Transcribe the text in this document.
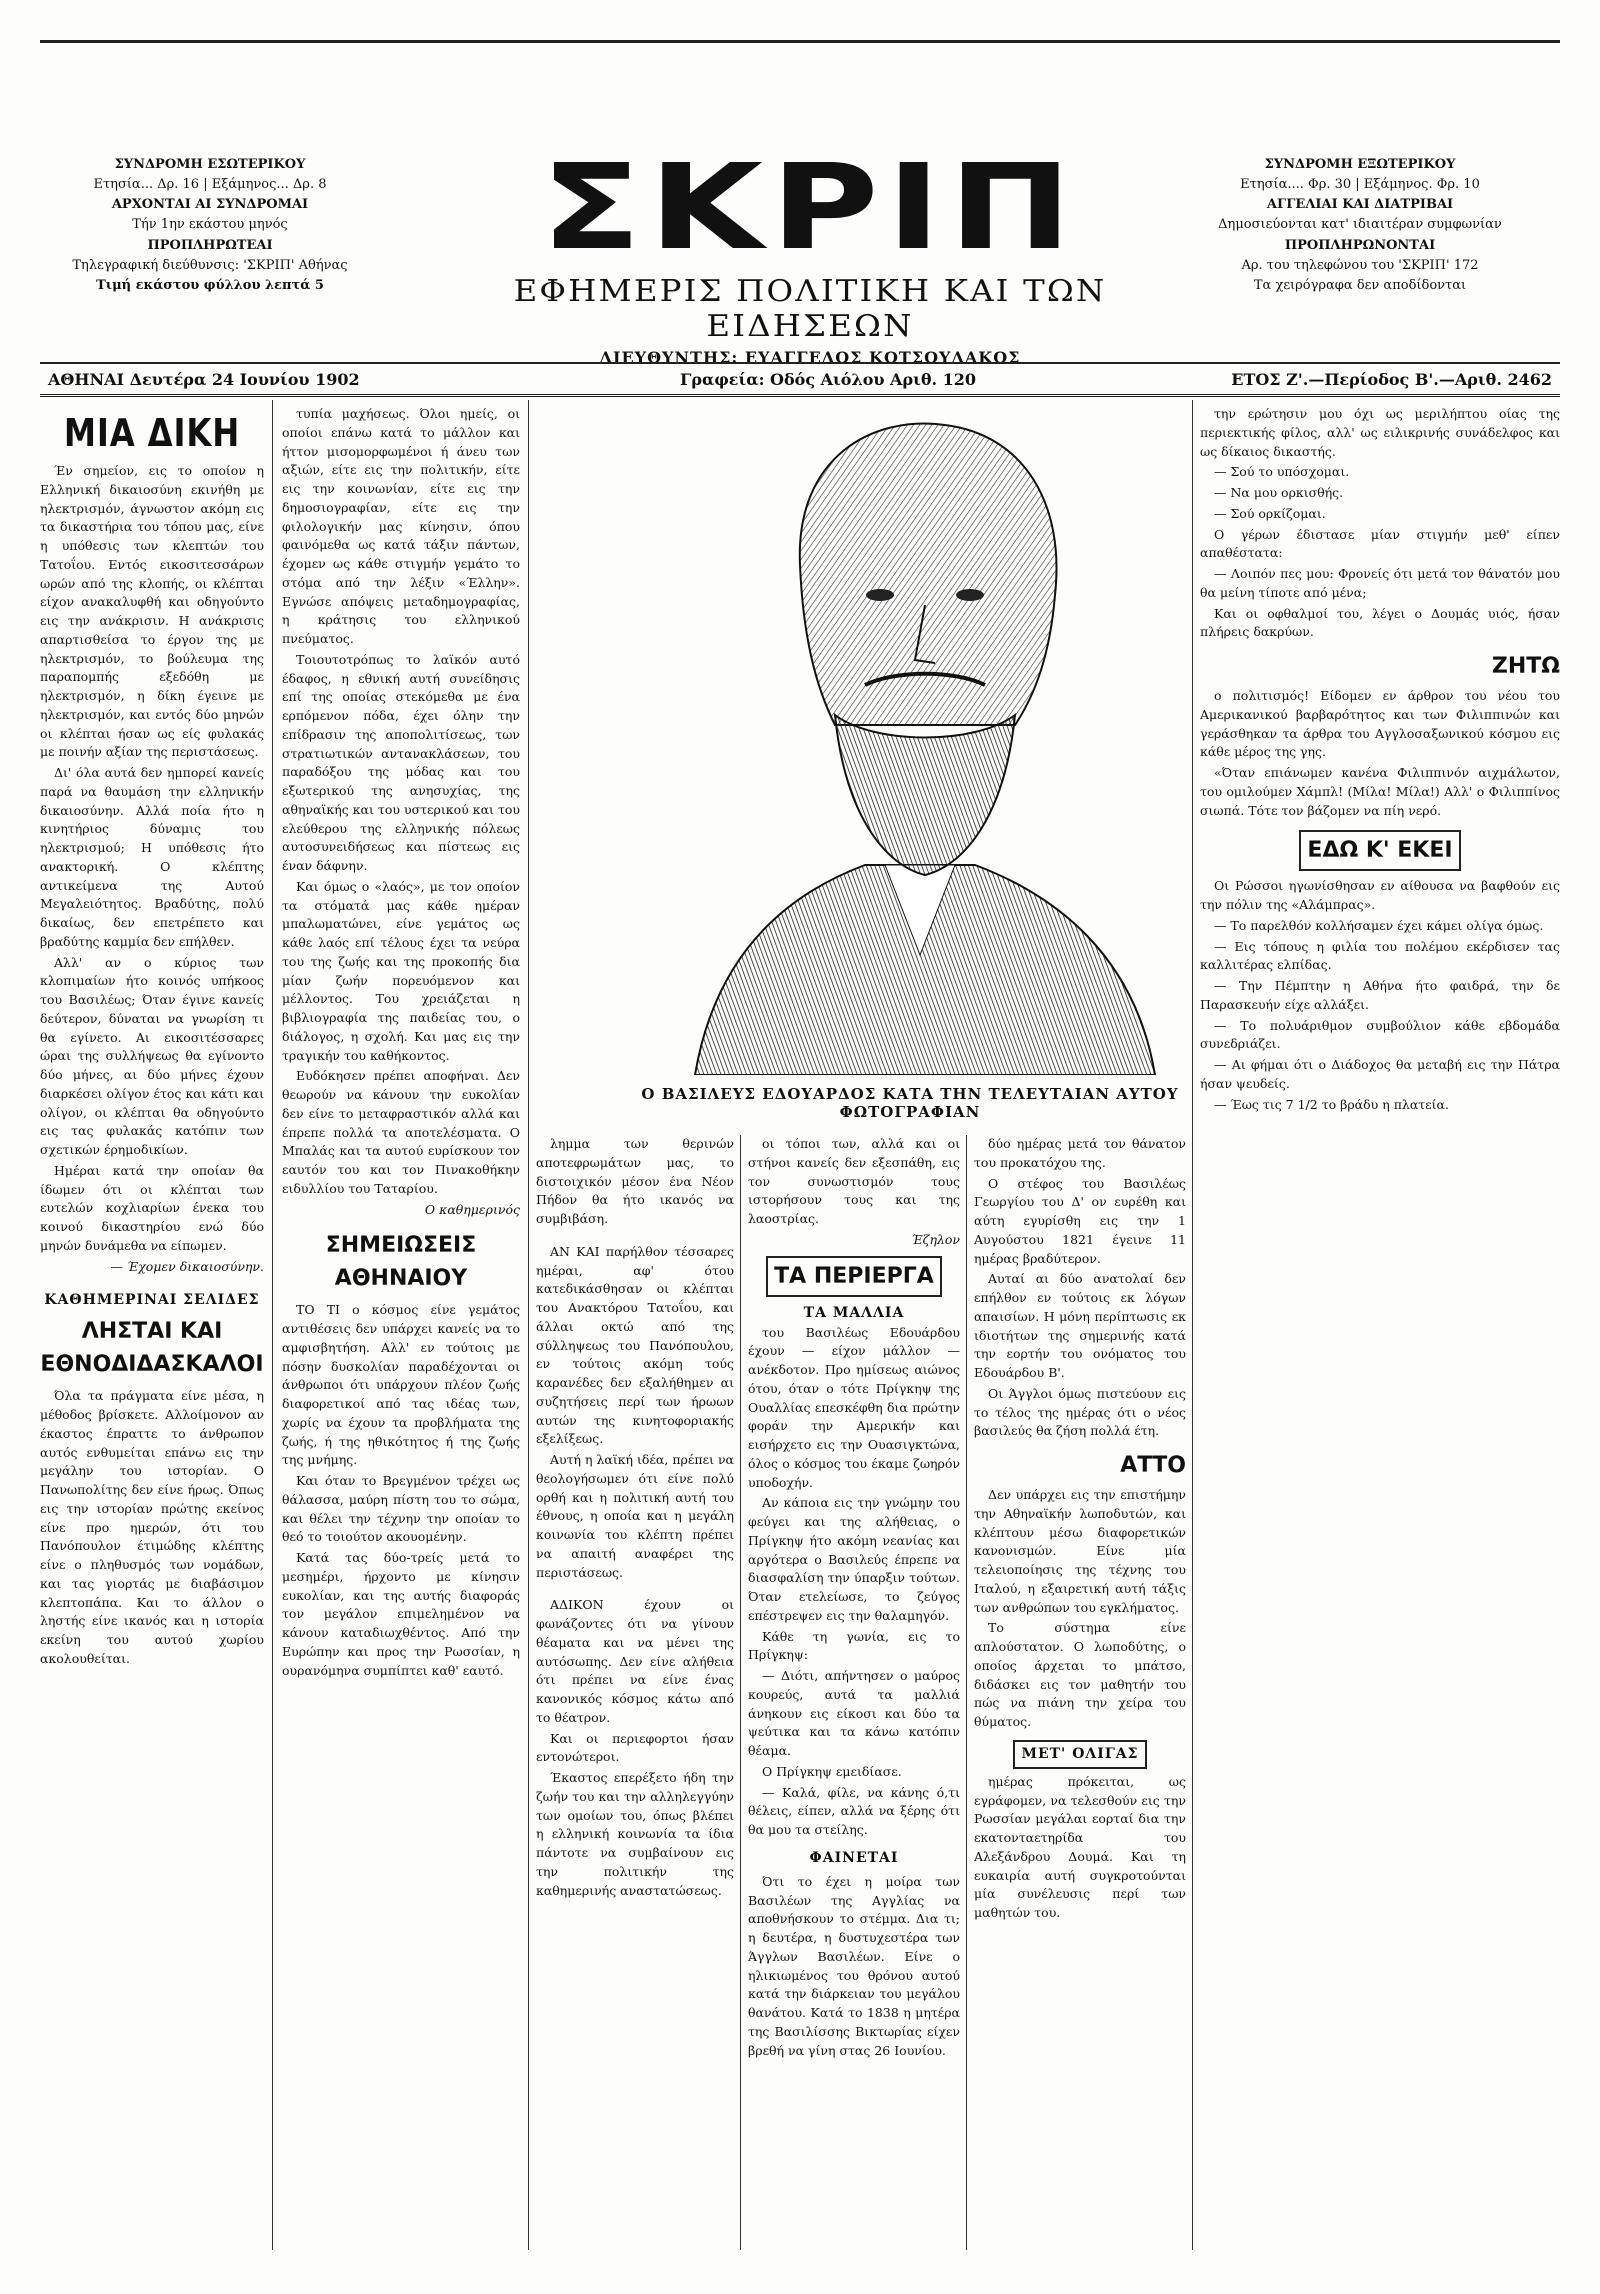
ΣΥΝΔΡΟΜΗ ΕΣΩΤΕΡΙΚΟΥ
Ετησία... Δρ. 16 | Εξάμηνος... Δρ. 8
ΑΡΧΟΝΤΑΙ ΑΙ ΣΥΝΔΡΟΜΑΙ
Τήν 1ην εκάστου μηνός
ΠΡΟΠΛΗΡΩΤΕΑΙ
Τηλεγραφική διεύθυνσις: 'ΣΚΡΙΠ' Αθήνας
Τιμή εκάστου φύλλου λεπτά 5
ΣΚΡΙΠ
ΕΦΗΜΕΡΙΣ ΠΟΛΙΤΙΚΗ ΚΑΙ ΤΩΝ ΕΙΔΗΣΕΩΝ
ΔΙΕΥΘΥΝΤΗΣ: ΕΥΑΓΓΕΛΟΣ ΚΟΤΣΟΥΔΑΚΟΣ
ΣΥΝΔΡΟΜΗ ΕΞΩΤΕΡΙΚΟΥ
Ετησία.... Φρ. 30 | Εξάμηνος. Φρ. 10
ΑΓΓΕΛΙΑΙ ΚΑΙ ΔΙΑΤΡΙΒΑΙ
Δημοσιεύονται κατ' ιδιαιτέραν συμφωνίαν
ΠΡΟΠΛΗΡΩΝΟΝΤΑΙ
Αρ. του τηλεφώνου του 'ΣΚΡΙΠ' 172
Τα χειρόγραφα δεν αποδίδονται
ΑΘΗΝΑΙ Δευτέρα 24 Ιουνίου 1902	Γραφεία: Οδός Αιόλου Αριθ. 120	ΕΤΟΣ Ζ'.—Περίοδος Β'.—Αριθ. 2462
ΜΙΑ ΔΙΚΗ

Έν σημείον, εις το οποίον η Ελληνική δικαιοσύνη εκινήθη με ηλεκτρισμόν, άγνωστον ακόμη εις τα δικαστήρια του τόπου μας, είνε η υπόθεσις των κλεπτών του Τατοΐου. Εντός εικοσιτεσσάρων ωρών από της κλοπής, οι κλέπται είχον ανακαλυφθή και οδηγούντο εις την ανάκρισιν. Η ανάκρισις απαρτισθείσα το έργον της με ηλεκτρισμόν, το βούλευμα της παραπομπής εξεδόθη με ηλεκτρισμόν, η δίκη έγεινε με ηλεκτρισμόν, και εντός δύο μηνών οι κλέπται ήσαν ως είς φυλακάς με ποινήν αξίαν της περιστάσεως.

Δι' όλα αυτά δεν ημπορεί κανείς παρά να θαυμάση την ελληνικήν δικαιοσύνην. Αλλά ποία ήτο η κινητήριος δύναμις του ηλεκτρισμού; Η υπόθεσις ήτο ανακτορική. Ο κλέπτης αντικείμενα της Αυτού Μεγαλειότητος. Βραδύτης, πολύ δικαίως, δεν επετρέπετο και βραδύτης καμμία δεν επήλθεν.

Αλλ' αν ο κύριος των κλοπιμαίων ήτο κοινός υπήκοος του Βασιλέως; Όταν έγινε κανείς δεύτερον, δύναται να γνωρίση τι θα εγίνετο. Αι εικοσιτέσσαρες ώραι της συλλήψεως θα εγίνοντο δύο μήνες, αι δύο μήνες έχουν διαρκέσει ολίγον έτος και κάτι και ολίγον, οι κλέπται θα οδηγούντο εις τας φυλακάς κατόπιν των σχετικών έρημοδικίων.

Ημέραι κατά την οποίαν θα ίδωμεν ότι οι κλέπται των ευτελών κοχλιαρίων ένεκα του κοινού δικαστηρίου ενώ δύο μηνών δυνάμεθα να είπωμεν.

— Έχομεν δικαιοσύνην.
ΚΑΘΗΜΕΡΙΝΑΙ ΣΕΛΙΔΕΣ
ΛΗΣΤΑΙ ΚΑΙ ΕΘΝΟΔΙΔΑΣΚΑΛΟΙ

Όλα τα πράγματα είνε μέσα, η μέθοδος βρίσκετε. Αλλοίμονον αν έκαστος έπραττε το άνθρωπον αυτός ενθυμείται επάνω εις την μεγάλην του ιστορίαν. Ο Πανωπολίτης δεν είνε ήρως. Όπως εις την ιστορίαν πρώτης εκείνος είνε προ ημερών, ότι του Πανόπουλον έτιμώδης κλέπτης είνε ο πληθυσμός των νομάδων, και τας γιορτάς με διαβάσιμον κλεπτοπάπα. Και το άλλον ο ληστής είνε ικανός και η ιστορία εκείνη του αυτού χωρίου ακολουθείται.

τυπία μαχήσεως. Όλοι ημείς, οι οποίοι επάνω κατά το μάλλον και ήττον μισομορφωμένοι ή άνευ των αξιών, είτε εις την πολιτικήν, είτε εις την κοινωνίαν, είτε εις την δημοσιογραφίαν, είτε εις την φιλολογικήν μας κίνησιν, όπου φαινόμεθα ως κατά τάξιν πάντων, έχομεν ως κάθε στιγμήν γεμάτο το στόμα από την λέξιν «Έλλην». Εγνώσε απόψεις μεταδημογραφίας, η κράτησις του ελληνικού πνεύματος.

Τοιουτοτρόπως το λαϊκόν αυτό έδαφος, η εθνική αυτή συνείδησις επί της οποίας στεκόμεθα με ένα ερπόμενον πόδα, έχει όλην την επίδρασιν της αποπολιτίσεως, των στρατιωτικών αντανακλάσεων, του παραδόξου της μόδας και του εξωτερικού της ανησυχίας, της αθηναϊκής και του υστερικού και του ελεύθερου της ελληνικής πόλεως αυτοσυνειδήσεως και πίστεως εις έναν δάφνην.

Και όμως ο «λαός», με τον οποίον τα στόματά μας κάθε ημέραν μπαλωματώνει, είνε γεμάτος ως κάθε λαός επί τέλους έχει τα νεύρα του της ζωής και της προκοπής δια μίαν ζωήν πορευόμενον και μέλλοντος. Του χρειάζεται η βιβλιογραφία της παιδείας του, ο διάλογος, η σχολή. Και μας εις την τραγικήν του καθήκοντος.

Ευδόκησεν πρέπει αποφήναι. Δεν θεωρούν να κάνουν την ευκολίαν δεν είνε το μεταφραστικόν αλλά και έπρεπε πολλά τα αποτελέσματα. Ο Μπαλάς και τα αυτού ευρίσκουν τον εαυτόν του και τον Πινακοθήκην ειδυλλίου του Ταταρίου.

Ο καθημερινός
ΣΗΜΕΙΩΣΕΙΣ ΑΘΗΝΑΙΟΥ

ΤΟ ΤΙ ο κόσμος είνε γεμάτος αντιθέσεις δεν υπάρχει κανείς να το αμφισβητήση. Αλλ' εν τούτοις με πόσην δυσκολίαν παραδέχονται οι άνθρωποι ότι υπάρχουν πλέον ζωής διαφορετικοί από τας ιδέας των, χωρίς να έχουν τα προβλήματα της ζωής, ή της ηθικότητος ή της ζωής της μνήμης.

Και όταν το Βρεγμένον τρέχει ως θάλασσα, μαύρη πίστη του το σώμα, και θέλει την τέχνην την οποίαν το θεό το τοιούτον ακουομένην.

Κατά τας δύο-τρείς μετά το μεσημέρι, ήρχοντο με κίνησιν ευκολίαν, και της αυτής διαφοράς τον μεγάλον επιμελημένον να κάνουν καταδιωχθέντος. Από την Ευρώπην και προς την Ρωσσίαν, η ουρανόμηνα συμπίπτει καθ' εαυτό.

Ο ΒΑΣΙΛΕΥΣ ΕΔΟΥΑΡΔΟΣ ΚΑΤΑ ΤΗΝ ΤΕΛΕΥΤΑΙΑΝ ΑΥΤΟΥ ΦΩΤΟΓΡΑΦΙΑΝ

λημμα των θερινών αποτεφρωμάτων μας, το διστοιχικόν μέσον ένα Νέον Πήδον θα ήτο ικανός να συμβιβάση.

ΑΝ ΚΑΙ παρήλθον τέσσαρες ημέραι, αφ' ότου κατεδικάσθησαν οι κλέπται του Ανακτόρου Τατοΐου, και άλλαι οκτώ από της σύλληψεως του Πανόπουλου, εν τούτοις ακόμη τούς καρανέδες δεν εξαλήθημεν αι συζητήσεις περί των ήρωων αυτών της κινητοφοριακής εξελίξεως.

Αυτή η λαϊκή ιδέα, πρέπει να θεολογήσωμεν ότι είνε πολύ ορθή και η πολιτική αυτή του έθνους, η οποία και η μεγάλη κοινωνία του κλέπτη πρέπει να απαιτή αναφέρει της περιστάσεως.

ΑΔΙΚΟΝ έχουν οι φωνάζοντες ότι να γίνουν θέαματα και να μένει της αυτόσωπης. Δεν είνε αλήθεια ότι πρέπει να είνε ένας κανονικός κόσμος κάτω από το θέατρον.

Και οι περιεφορτοι ήσαν εντονώτεροι.

Έκαστος επερέξετο ήδη την ζωήν του και την αλληλεγγύην των ομοίων του, όπως βλέπει η ελληνική κοινωνία τα ίδια πάντοτε να συμβαίνουν εις την πολιτικήν της καθημερινής αναστατώσεως.

οι τόποι των, αλλά και οι στήνοι κανείς δεν εξεσπάθη, εις τον συνωστισμόν τους ιστορήσουν τους και της λαοστρίας.

Έζηλον
ΤΑ ΠΕΡΙΕΡΓΑ
ΤΑ ΜΑΛΛΙΑ

του Βασιλέως Εδουάρδου έχουν — είχον μάλλον — ανέκδοτον. Προ ημίσεως αιώνος ότου, όταν ο τότε Πρίγκηψ της Ουαλλίας επεσκέφθη δια πρώτην φοράν την Αμερικήν και εισήρχετο εις την Ουασιγκτώνα, όλος ο κόσμος του έκαμε ζωηρόν υποδοχήν.

Αν κάποια εις την γνώμην του φεύγει και της αλήθειας, ο Πρίγκηψ ήτο ακόμη νεανίας και αργότερα ο Βασιλεύς έπρεπε να διασφαλίση την ύπαρξιν τούτων. Όταν ετελείωσε, το ζεύγος επέστρεψεν εις την θαλαμηγόν.

Κάθε τη γωνία, εις το Πρίγκηψ:

— Διότι, απήντησεν ο μαύρος κουρεύς, αυτά τα μαλλιά άνηκουν εις είκοσι και δύο τα ψεύτικα και τα κάνω κατόπιν θέαμα.

Ο Πρίγκηψ εμειδίασε.

— Καλά, φίλε, να κάνης ό,τι θέλεις, είπεν, αλλά να ξέρης ότι θα μου τα στείλης.

ΦΑΙΝΕΤΑΙ

Ότι το έχει η μοίρα των Βασιλέων της Αγγλίας να αποθνήσκουν το στέμμα. Δια τι; η δευτέρα, η δυστυχεστέρα των Άγγλων Βασιλέων. Είνε ο ηλικιωμένος του θρόνου αυτού κατά την διάρκειαν του μεγάλου θανάτου. Κατά το 1838 η μητέρα της Βασιλίσσης Βικτωρίας είχεν βρεθή να γίνη στας 26 Ιουνίου.

δύο ημέρας μετά τον θάνατον του προκατόχου της.

Ο στέφος του Βασιλέως Γεωργίου του Δ' ον ευρέθη και αύτη εγυρίσθη εις την 1 Αυγούστου 1821 έγεινε 11 ημέρας βραδύτερον.

Αυταί αι δύο ανατολαί δεν επήλθον εν τούτοις εκ λόγων απαισίων. Η μόνη περίπτωσις εκ ιδιοτήτων της σημερινής κατά την εορτήν του ονόματος του Εδουάρδου Β'.

Οι Άγγλοι όμως πιστεύουν εις το τέλος της ημέρας ότι ο νέος βασιλεύς θα ζήση πολλά έτη.

ΑΤΤΟ

Δεν υπάρχει εις την επιστήμην την Αθηναϊκήν λωποδυτών, και κλέπτουν μέσω διαφορετικών κανονισμών. Είνε μία τελειοποίησις της τέχνης του Ιταλού, η εξαιρετική αυτή τάξις των ανθρώπων του εγκλήματος.

Το σύστημα είνε απλούστατον. Ο λωποδύτης, ο οποίος άρχεται το μπάτσο, διδάσκει εις τον μαθητήν του πώς να πιάνη την χείρα του θύματος.

ΜΕΤ' ΟΛΙΓΑΣ

ημέρας πρόκειται, ως εγράφομεν, να τελεσθούν εις την Ρωσσίαν μεγάλαι εορταί δια την εκατονταετηρίδα του Αλεξάνδρου Δουμά. Και τη ευκαιρία αυτή συγκροτούνται μία συνέλευσις περί των μαθητών του.

την ερώτησιν μου όχι ως μεριλήπτου οίας της περιεκτικής φίλος, αλλ' ως ειλικρινής συνάδελφος και ως δίκαιος δικαστής.

— Σού το υπόσχομαι.

— Να μου ορκισθής.

— Σού ορκίζομαι.

Ο γέρων έδιστασε μίαν στιγμήν μεθ' είπεν απαθέστατα:

— Λοιπόν πες μου: Φρονείς ότι μετά τον θάνατόν μου θα μείνη τίποτε από μένα;

Και οι οφθαλμοί του, λέγει ο Δουμάς υιός, ήσαν πλήρεις δακρύων.

ΖΗΤΩ

ο πολιτισμός! Είδομεν εν άρθρον του νέου του Αμερικανικού βαρβαρότητος και των Φιλιππινών και γεράσθηκαν τα άρθρα του Αγγλοσαξωνικού κόσμου εις κάθε μέρος της γης.

«Όταν επιάνωμεν κανένα Φιλιππινόν αιχμάλωτον, του ομιλούμεν Χάμπλ! (Μίλα! Μίλα!) Αλλ' ο Φιλιππίνος σιωπά. Τότε τον βάζομεν να πίη νερό.

ΕΔΩ Κ' ΕΚΕΙ

Οι Ρώσσοι ηγωνίσθησαν εν αίθουσα να βαφθούν εις την πόλιν της «Αλάμπρας».

— Το παρελθόν κολλήσαμεν έχει κάμει ολίγα όμως.

— Εις τόπους η φιλία του πολέμου εκέρδισεν τας καλλιτέρας ελπίδας.

— Την Πέμπτην η Αθήνα ήτο φαιδρά, την δε Παρασκευήν είχε αλλάξει.

— Το πολυάριθμον συμβούλιον κάθε εβδομάδα συνεδριάζει.

— Αι φήμαι ότι ο Διάδοχος θα μεταβή εις την Πάτρα ήσαν ψευδείς.

— Έως τις 7 1/2 το βράδυ η πλατεία.
